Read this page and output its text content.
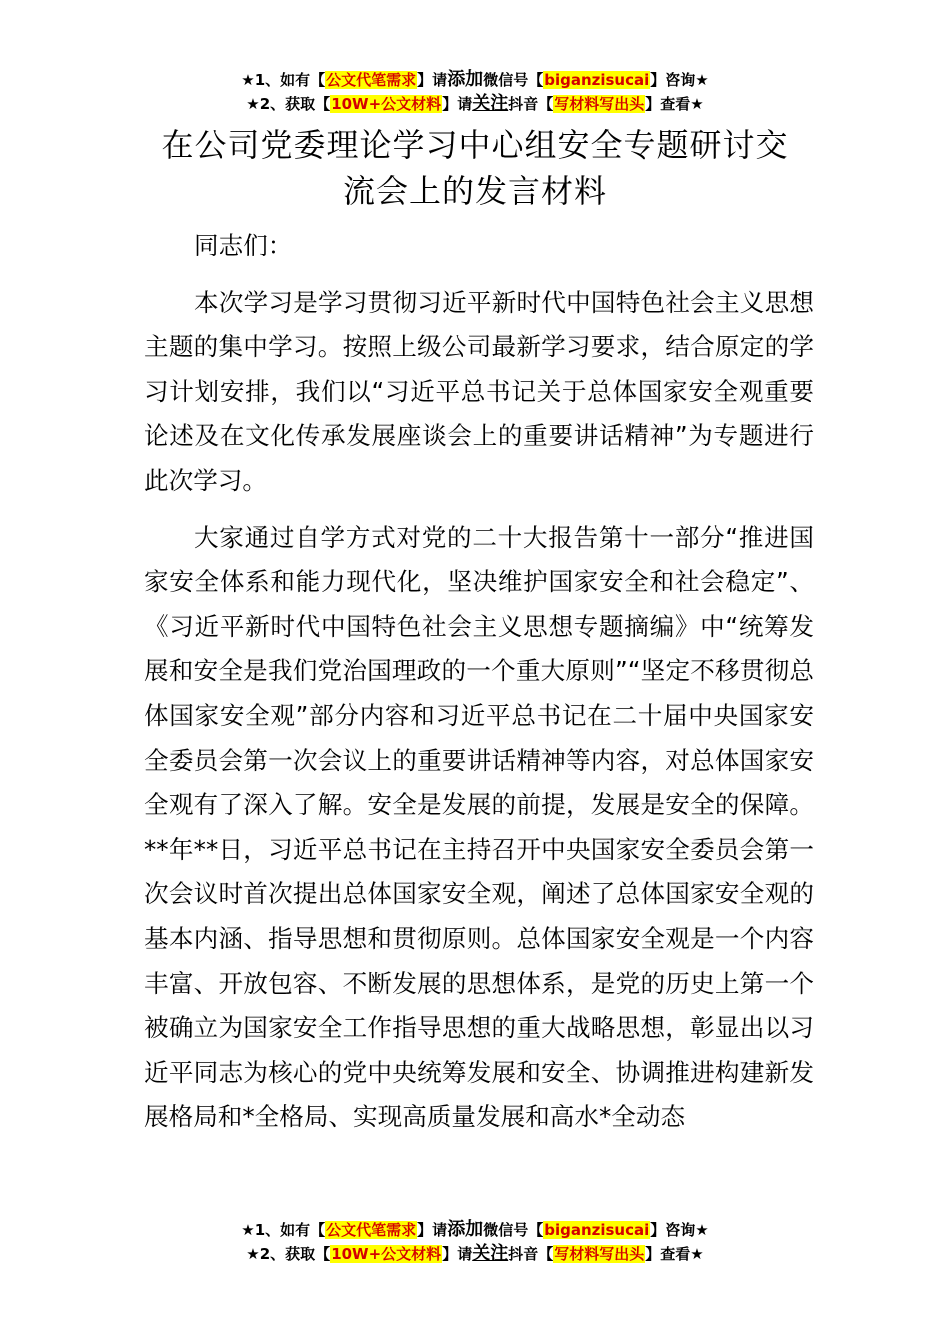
★1、如有【公文代笔需求】请添加微信号【biganzisucai】咨询★
★2、获取【10W+公文材料】请关注抖音【写材料写出头】查看★
在公司党委理论学习中心组安全专题研讨交
流会上的发言材料
同志们：

本次学习是学习贯彻习近平新时代中国特色社会主义思想主题的集中学习。按照上级公司最新学习要求，结合原定的学习计划安排，我们以“习近平总书记关于总体国家安全观重要论述及在文化传承发展座谈会上的重要讲话精神”为专题进行此次学习。

大家通过自学方式对党的二十大报告第十一部分“推进国家安全体系和能力现代化，坚决维护国家安全和社会稳定”、《习近平新时代中国特色社会主义思想专题摘编》中“统筹发展和安全是我们党治国理政的一个重大原则”“坚定不移贯彻总体国家安全观”部分内容和习近平总书记在二十届中央国家安全委员会第一次会议上的重要讲话精神等内容，对总体国家安全观有了深入了解。安全是发展的前提，发展是安全的保障。**年**日，习近平总书记在主持召开中央国家安全委员会第一次会议时首次提出总体国家安全观，阐述了总体国家安全观的基本内涵、指导思想和贯彻原则。总体国家安全观是一个内容丰富、开放包容、不断发展的思想体系，是党的历史上第一个被确立为国家安全工作指导思想的重大战略思想，彰显出以习近平同志为核心的党中央统筹发展和安全、协调推进构建新发展格局和*全格局、实现高质量发展和高水*全动态

★1、如有【公文代笔需求】请添加微信号【biganzisucai】咨询★
★2、获取【10W+公文材料】请关注抖音【写材料写出头】查看★
